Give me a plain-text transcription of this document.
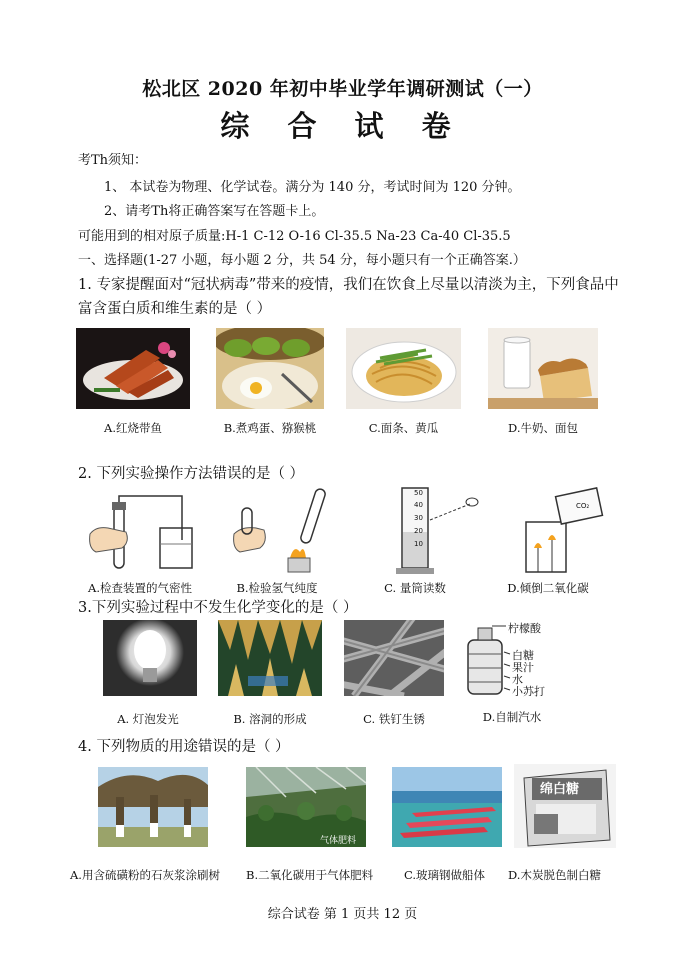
松北区 2020 年初中毕业学年调研测试（一）
综 合 试 卷
考Th须知：
1、 本试卷为物理、化学试卷。满分为 140 分，考试时间为 120 分钟。
2、请考Th将正确答案写在答题卡上。
可能用到的相对原子质量:H-1 C-12 O-16 Cl-35.5 Na-23 Ca-40 Cl-35.5
一、选择题(1-27 小题，每小题 2 分，共 54 分，每小题只有一个正确答案.）
1. 专家提醒面对“冠状病毒”带来的疫情，我们在饮食上尽量以清淡为主，下列食品中
富含蛋白质和维生素的是（ ）
A.红烧带鱼	B.煮鸡蛋、猕猴桃	C.面条、黄瓜	D.牛奶、面包
2. 下列实验操作方法错误的是（ ）
50
40
30
20
10
CO₂
A.检查装置的气密性	B.检验氢气纯度	C. 量筒读数	D.倾倒二氧化碳
3.下列实验过程中不发生化学变化的是（ ）
柠檬酸
白糖
果汁
水
小苏打
A. 灯泡发光	B. 溶洞的形成	C. 铁钉生锈	D.自制汽水
4. 下列物质的用途错误的是（ ）
气体肥料
绵白糖
A.用含硫磺粉的石灰浆涂刷树	B.二氧化碳用于气体肥料	C.玻璃钢做船体	D.木炭脱色制白糖
综合试卷 第 1 页共 12 页
